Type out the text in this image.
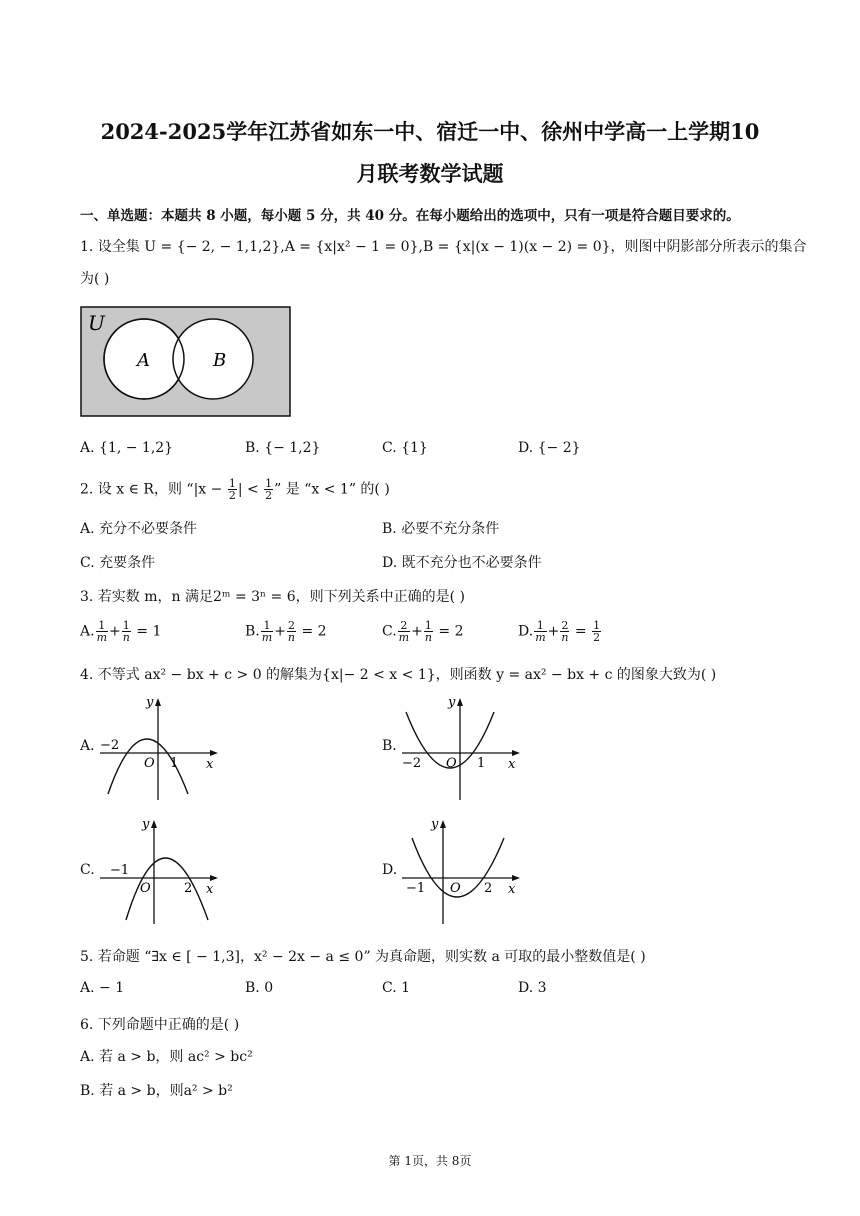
2024-2025学年江苏省如东一中、宿迁一中、徐州中学高一上学期10
月联考数学试题
一、单选题：本题共 8 小题，每小题 5 分，共 40 分。在每小题给出的选项中，只有一项是符合题目要求的。
1. 设全集 U = {− 2, − 1,1,2},A = {x|x² − 1 = 0},B = {x|(x − 1)(x − 2) = 0}，则图中阴影部分所表示的集合
为( )
U
A	B
A. {1, − 1,2}	B. {− 1,2}	C. {1}	D. {− 2}
2. 设 x ∈ R，则 “$|x - \frac{1}{2}$ | < $\frac{1}{2}$ ” 是 “x < 1” 的( )
A. 充分不必要条件	B. 必要不充分条件
C. 充要条件	D. 既不充分也不必要条件
3. 若实数 m，n 满足2ᵐ = 3ⁿ = 6，则下列关系中正确的是( )
A. $\frac{1}{m} + \frac{1}{n} = 1$	B. $\frac{1}{m} + \frac{2}{n} = 2$	C. $\frac{2}{m} + \frac{1}{n} = 2$	D. $\frac{1}{m} + \frac{2}{n} = \frac{1}{2}$
4. 不等式 ax² − bx + c > 0 的解集为{x|− 2 < x < 1}，则函数 y = ax² − bx + c 的图象大致为( )
A.	B.
C.	D.
−2
1
O	x
y
−2	1
O	x
y
−1
2
O	x
y
−1	2
O	x
y
5. 若命题 “∃x ∈ [ − 1,3]，x² − 2x − a ≤ 0” 为真命题，则实数 a 可取的最小整数值是( )
A. − 1	B. 0	C. 1	D. 3
6. 下列命题中正确的是( )
A. 若 a > b，则 ac² > bc²
B. 若 a > b，则a² > b²
第 1页，共 8页
